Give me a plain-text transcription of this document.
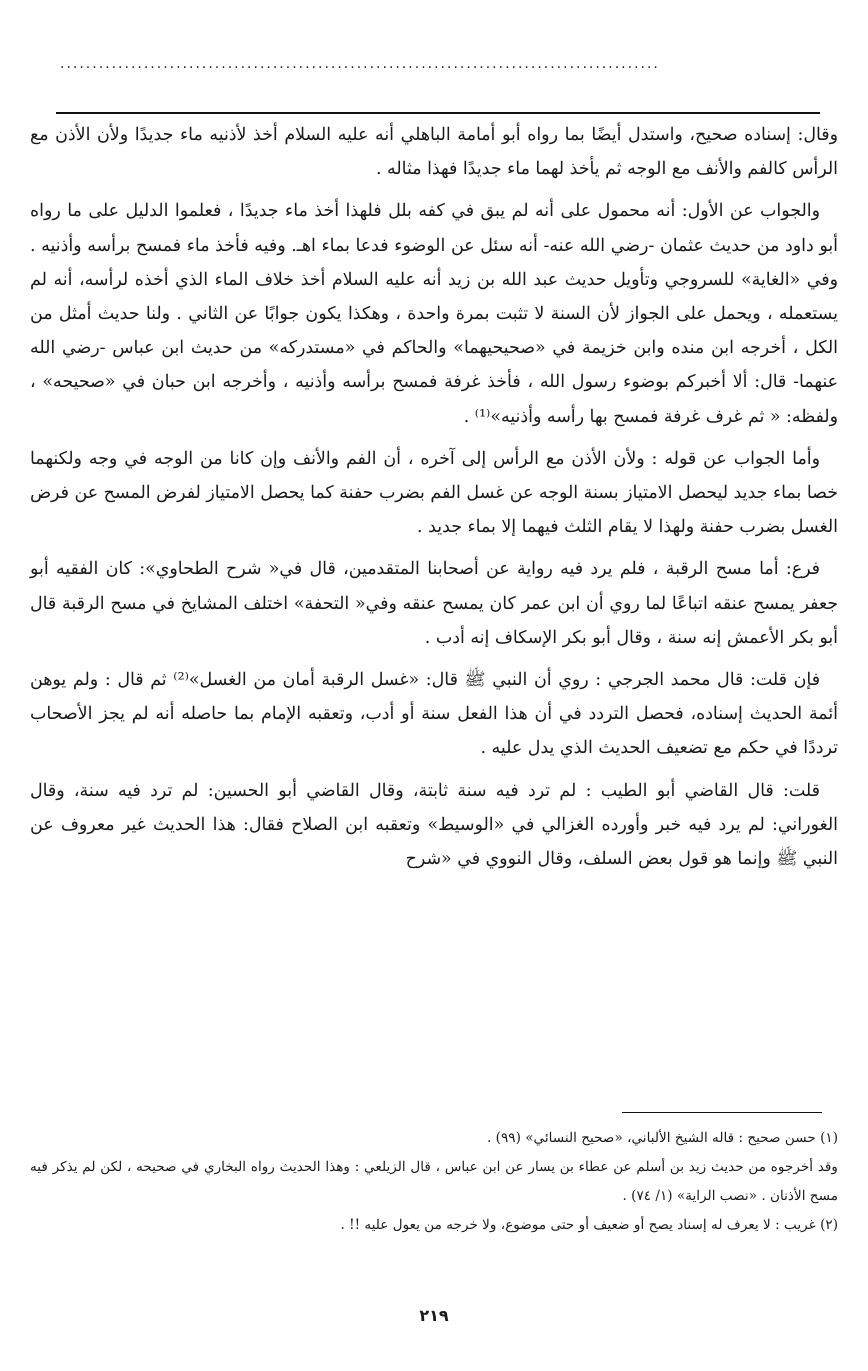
.............................................................................................

وقال: إسناده صحيح، واستدل أيضًا بما رواه أبو أمامة الباهلي أنه عليه السلام أخذ لأذنيه ماء جديدًا ولأن الأذن مع الرأس كالفم والأنف مع الوجه ثم يأخذ لهما ماء جديدًا فهذا مثاله .

والجواب عن الأول: أنه محمول على أنه لم يبق في كفه بلل فلهذا أخذ ماء جديدًا ، فعلموا الدليل على ما رواه أبو داود من حديث عثمان -رضي الله عنه- أنه سئل عن الوضوء فدعا بماء اهـ. وفيه فأخذ ماء فمسح برأسه وأذنيه . وفي «الغاية» للسروجي وتأويل حديث عبد الله بن زيد أنه عليه السلام أخذ خلاف الماء الذي أخذه لرأسه، أنه لم يستعمله ، ويحمل على الجواز لأن السنة لا تثبت بمرة واحدة ، وهكذا يكون جوابًا عن الثاني . ولنا حديث أمثل من الكل ، أخرجه ابن منده وابن خزيمة في «صحيحيهما» والحاكم في «مستدركه» من حديث ابن عباس -رضي الله عنهما- قال: ألا أخبركم بوضوء رسول الله ، فأخذ غرفة فمسح برأسه وأذنيه ، وأخرجه ابن حبان في «صحيحه» ، ولفظه: « ثم غرف غرفة فمسح بها رأسه وأذنيه»⁽¹⁾ .

وأما الجواب عن قوله : ولأن الأذن مع الرأس إلى آخره ، أن الفم والأنف وإن كانا من الوجه في وجه ولكنهما خصا بماء جديد ليحصل الامتياز بسنة الوجه عن غسل الفم بضرب حفنة كما يحصل الامتياز لفرض المسح عن فرض الغسل بضرب حفنة ولهذا لا يقام الثلث فيهما إلا بماء جديد .

فرع: أما مسح الرقبة ، فلم يرد فيه رواية عن أصحابنا المتقدمين، قال في« شرح الطحاوي»: كان الفقيه أبو جعفر يمسح عنقه اتباعًا لما روي أن ابن عمر كان يمسح عنقه وفي« التحفة» اختلف المشايخ في مسح الرقبة قال أبو بكر الأعمش إنه سنة ، وقال أبو بكر الإسكاف إنه أدب .

فإن قلت: قال محمد الجرجي : روي أن النبي ﷺ قال: «غسل الرقبة أمان من الغسل»⁽²⁾ ثم قال : ولم يوهن أئمة الحديث إسناده، فحصل التردد في أن هذا الفعل سنة أو أدب، وتعقبه الإمام بما حاصله أنه لم يجز الأصحاب ترددًا في حكم مع تضعيف الحديث الذي يدل عليه .

قلت: قال القاضي أبو الطيب : لم ترد فيه سنة ثابتة، وقال القاضي أبو الحسين: لم ترد فيه سنة، وقال الغوراني: لم يرد فيه خبر وأورده الغزالي في «الوسيط» وتعقبه ابن الصلاح فقال: هذا الحديث غير معروف عن النبي ﷺ وإنما هو قول بعض السلف، وقال النووي في «شرح

(١) حسن صحيح : قاله الشيخ الألباني، «صحيح النسائي» (٩٩) .

وقد أخرجوه من حديث زيد بن أسلم عن عطاء بن يسار عن ابن عباس ، قال الزيلعي : وهذا الحديث رواه البخاري في صحيحه ، لكن لم يذكر فيه مسح الأذنان . «نصب الراية» (١/ ٧٤) .

(٢) غريب : لا يعرف له إسناد يصح أو ضعيف أو حتى موضوع، ولا خرجه من يعول عليه !! .

٢١٩
